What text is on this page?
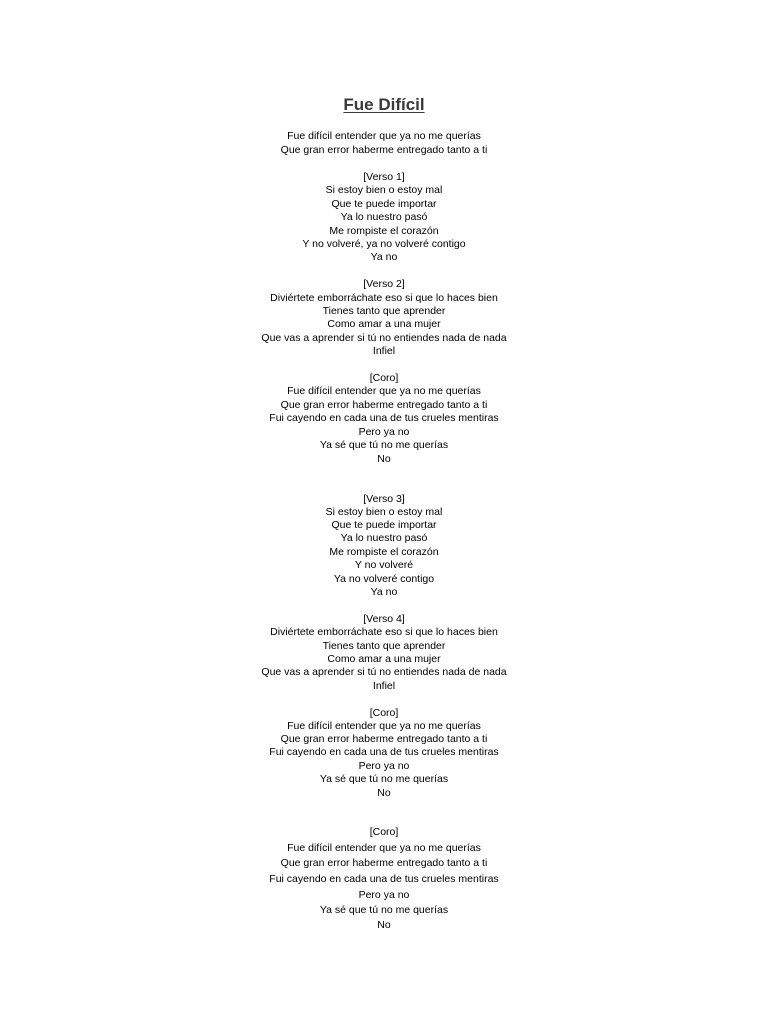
Fue Difícil

Fue difícil entender que ya no me querías

Que gran error haberme entregado tanto a ti

[Verso 1]

Si estoy bien o estoy mal

Que te puede importar

Ya lo nuestro pasó

Me rompiste el corazón

Y no volveré, ya no volveré contigo

Ya no

[Verso 2]

Diviértete emborráchate eso si que lo haces bien

Tienes tanto que aprender

Como amar a una mujer

Que vas a aprender si tú no entiendes nada de nada

Infiel

[Coro]

Fue difícil entender que ya no me querías

Que gran error haberme entregado tanto a ti

Fui cayendo en cada una de tus crueles mentiras

Pero ya no

Ya sé que tú no me querías

No

[Verso 3]

Si estoy bien o estoy mal

Que te puede importar

Ya lo nuestro pasó

Me rompiste el corazón

Y no volveré

Ya no volveré contigo

Ya no

[Verso 4]

Diviértete emborráchate eso si que lo haces bien

Tienes tanto que aprender

Como amar a una mujer

Que vas a aprender si tú no entiendes nada de nada

Infiel

[Coro]

Fue difícil entender que ya no me querías

Que gran error haberme entregado tanto a ti

Fui cayendo en cada una de tus crueles mentiras

Pero ya no

Ya sé que tú no me querías

No

[Coro]

Fue difícil entender que ya no me querías

Que gran error haberme entregado tanto a ti

Fui cayendo en cada una de tus crueles mentiras

Pero ya no

Ya sé que tú no me querías

No
